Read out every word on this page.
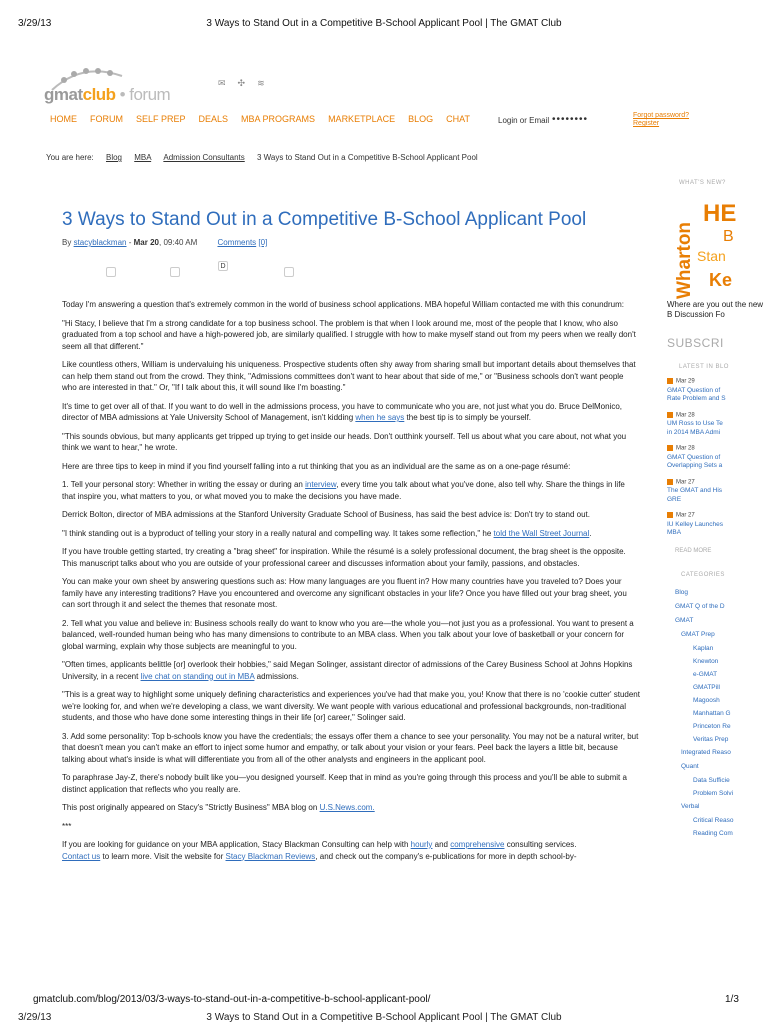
3/29/13	3 Ways to Stand Out in a Competitive B-School Applicant Pool | The GMAT Club
gmatclub • forum
✉ ✣ ≋
HOME FORUM SELF PREP DEALS MBA PROGRAMS MARKETPLACE BLOG CHAT	Login or Email ••••••••	Forgot password?
Register
You are here: Blog MBA Admission Consultants 3 Ways to Stand Out in a Competitive B-School Applicant Pool
3 Ways to Stand Out in a Competitive B-School Applicant Pool
By stacyblackman - Mar 20, 09:40 AM	Comments [0]
D

Today I'm answering a question that's extremely common in the world of business school applications. MBA hopeful William contacted me with this conundrum:

"Hi Stacy, I believe that I'm a strong candidate for a top business school. The problem is that when I look around me, most of the people that I know, who also graduated from a top school and have a high-powered job, are similarly qualified. I struggle with how to make myself stand out from my peers when we really don't seem all that different."

Like countless others, William is undervaluing his uniqueness. Prospective students often shy away from sharing small but important details about themselves that can help them stand out from the crowd. They think, "Admissions committees don't want to hear about that side of me," or "Business schools don't want people who are interested in that." Or, "If I talk about this, it will sound like I'm boasting."

It's time to get over all of that. If you want to do well in the admissions process, you have to communicate who you are, not just what you do. Bruce DelMonico, director of MBA admissions at Yale University School of Management, isn't kidding when he says the best tip is to simply be yourself.

"This sounds obvious, but many applicants get tripped up trying to get inside our heads. Don't outthink yourself. Tell us about what you care about, not what you think we want to hear," he wrote.

Here are three tips to keep in mind if you find yourself falling into a rut thinking that you as an individual are the same as on a one-page résumé:

1. Tell your personal story: Whether in writing the essay or during an interview, every time you talk about what you've done, also tell why. Share the things in life that inspire you, what matters to you, or what moved you to make the decisions you have made.

Derrick Bolton, director of MBA admissions at the Stanford University Graduate School of Business, has said the best advice is: Don't try to stand out.

"I think standing out is a byproduct of telling your story in a really natural and compelling way. It takes some reflection," he told the Wall Street Journal.

If you have trouble getting started, try creating a "brag sheet" for inspiration. While the résumé is a solely professional document, the brag sheet is the opposite. This manuscript talks about who you are outside of your professional career and discusses information about your family, passions, and obstacles.

You can make your own sheet by answering questions such as: How many languages are you fluent in? How many countries have you traveled to? Does your family have any interesting traditions? Have you encountered and overcome any significant obstacles in your life? Once you have filled out your brag sheet, you can sort through it and select the themes that resonate most.

2. Tell what you value and believe in: Business schools really do want to know who you are—the whole you—not just you as a professional. You want to present a balanced, well-rounded human being who has many dimensions to contribute to an MBA class. When you talk about your love of basketball or your concern for global warming, explain why those subjects are meaningful to you.

"Often times, applicants belittle [or] overlook their hobbies," said Megan Solinger, assistant director of admissions of the Carey Business School at Johns Hopkins University, in a recent live chat on standing out in MBA admissions.

"This is a great way to highlight some uniquely defining characteristics and experiences you've had that make you, you! Know that there is no 'cookie cutter' student we're looking for, and when we're developing a class, we want diversity. We want people with various educational and professional backgrounds, non-traditional students, and those who have done some interesting things in their life [or] career," Solinger said.

3. Add some personality: Top b-schools know you have the credentials; the essays offer them a chance to see your personality. You may not be a natural writer, but that doesn't mean you can't make an effort to inject some humor and empathy, or talk about your vision or your fears. Peel back the layers a little bit, because talking about what's inside is what will differentiate you from all of the other analysts and engineers in the applicant pool.

To paraphrase Jay-Z, there's nobody built like you—you designed yourself. Keep that in mind as you're going through this process and you'll be able to submit a distinct application that reflects who you really are.

This post originally appeared on Stacy's "Strictly Business" MBA blog on U.S.News.com.

***

If you are looking for guidance on your MBA application, Stacy Blackman Consulting can help with hourly and comprehensive consulting services.
Contact us to learn more. Visit the website for Stacy Blackman Reviews, and check out the company's e-publications for more in depth school-by-

WHAT'S NEW?
Wharton
HE
B
Stan
Ke
Where are you out the new B Discussion Fo
SUBSCRI
LATEST IN BLO
Mar 29
GMAT Question of
Rate Problem and S
Mar 28
UM Ross to Use Te
in 2014 MBA Admi
Mar 28
GMAT Question of
Overlapping Sets a
Mar 27
The GMAT and His
GRE
Mar 27
IU Kelley Launches
MBA
READ MORE
CATEGORIES
Blog
GMAT Q of the D
GMAT
GMAT Prep
Kaplan
Knewton
e-GMAT
GMATPill
Magoosh
Manhattan G
Princeton Re
Veritas Prep
Integrated Reaso
Quant
Data Sufficie
Problem Solvi
Verbal
Critical Reaso
Reading Com
gmatclub.com/blog/2013/03/3-ways-to-stand-out-in-a-competitive-b-school-applicant-pool/	1/3
3/29/13	3 Ways to Stand Out in a Competitive B-School Applicant Pool | The GMAT Club
